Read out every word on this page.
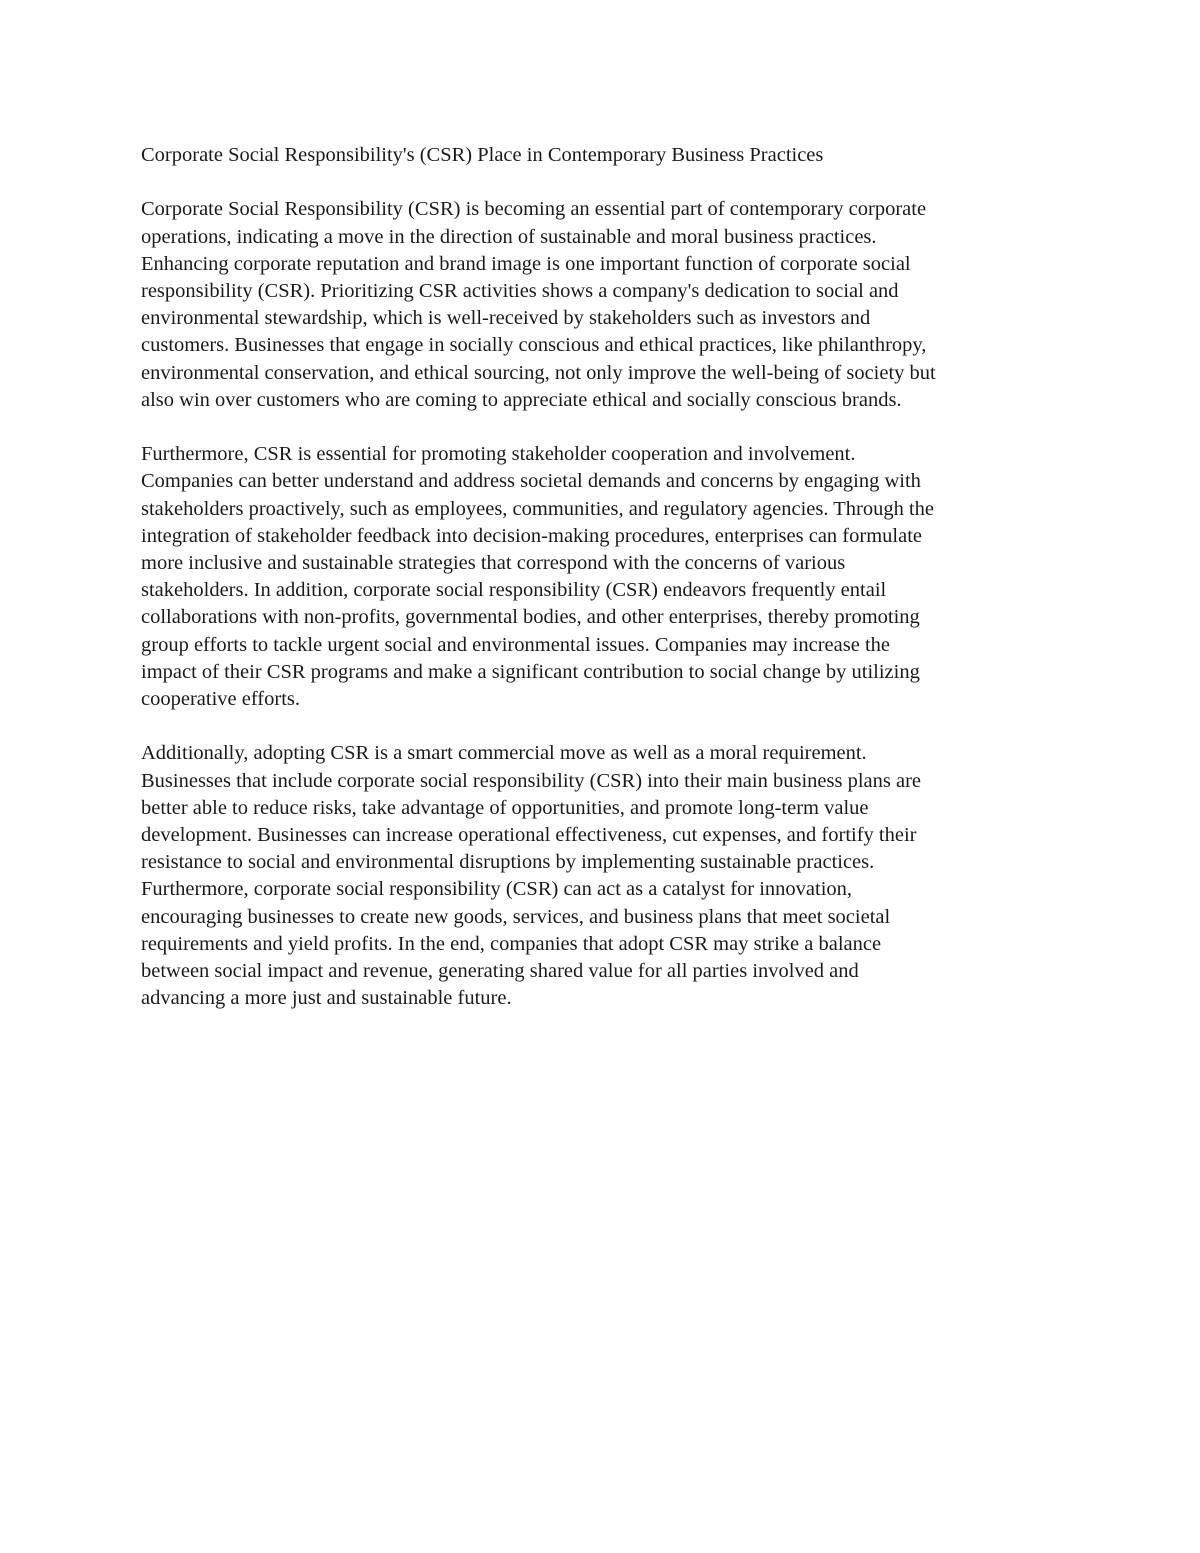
Corporate Social Responsibility's (CSR) Place in Contemporary Business Practices
Corporate Social Responsibility (CSR) is becoming an essential part of contemporary corporate
operations, indicating a move in the direction of sustainable and moral business practices.
Enhancing corporate reputation and brand image is one important function of corporate social
responsibility (CSR). Prioritizing CSR activities shows a company's dedication to social and
environmental stewardship, which is well-received by stakeholders such as investors and
customers. Businesses that engage in socially conscious and ethical practices, like philanthropy,
environmental conservation, and ethical sourcing, not only improve the well-being of society but
also win over customers who are coming to appreciate ethical and socially conscious brands.
Furthermore, CSR is essential for promoting stakeholder cooperation and involvement.
Companies can better understand and address societal demands and concerns by engaging with
stakeholders proactively, such as employees, communities, and regulatory agencies. Through the
integration of stakeholder feedback into decision-making procedures, enterprises can formulate
more inclusive and sustainable strategies that correspond with the concerns of various
stakeholders. In addition, corporate social responsibility (CSR) endeavors frequently entail
collaborations with non-profits, governmental bodies, and other enterprises, thereby promoting
group efforts to tackle urgent social and environmental issues. Companies may increase the
impact of their CSR programs and make a significant contribution to social change by utilizing
cooperative efforts.
Additionally, adopting CSR is a smart commercial move as well as a moral requirement.
Businesses that include corporate social responsibility (CSR) into their main business plans are
better able to reduce risks, take advantage of opportunities, and promote long-term value
development. Businesses can increase operational effectiveness, cut expenses, and fortify their
resistance to social and environmental disruptions by implementing sustainable practices.
Furthermore, corporate social responsibility (CSR) can act as a catalyst for innovation,
encouraging businesses to create new goods, services, and business plans that meet societal
requirements and yield profits. In the end, companies that adopt CSR may strike a balance
between social impact and revenue, generating shared value for all parties involved and
advancing a more just and sustainable future.
